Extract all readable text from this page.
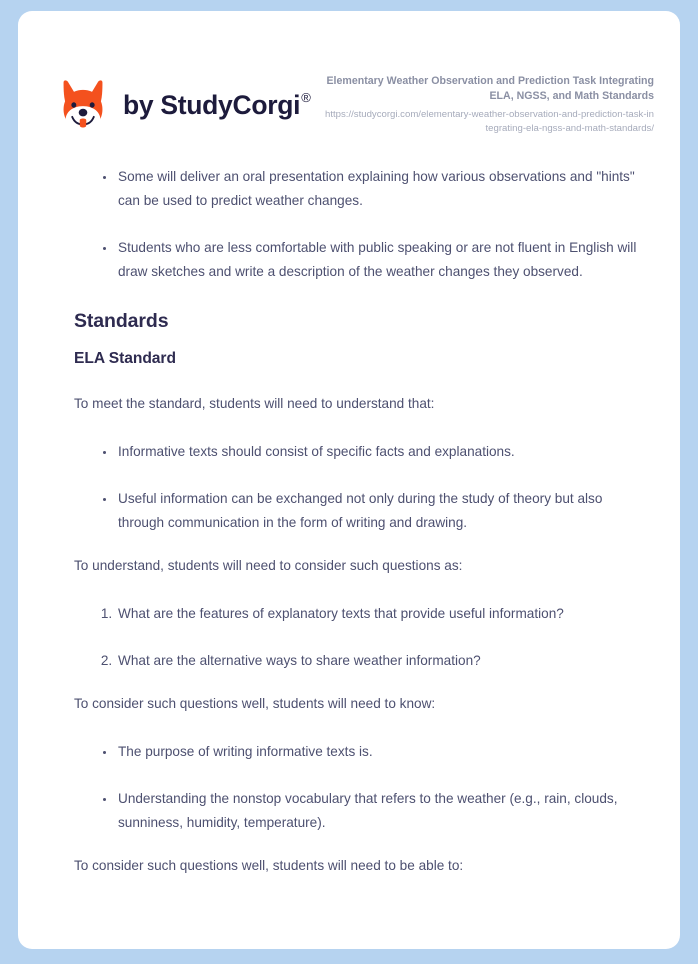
by StudyCorgi®
Elementary Weather Observation and Prediction Task Integrating ELA, NGSS, and Math Standards
https://studycorgi.com/elementary-weather-observation-and-prediction-task-integrating-ela-ngss-and-math-standards/
• Some will deliver an oral presentation explaining how various observations and "hints" can be used to predict weather changes.
• Students who are less comfortable with public speaking or are not fluent in English will draw sketches and write a description of the weather changes they observed.
Standards
ELA Standard

To meet the standard, students will need to understand that:

• Informative texts should consist of specific facts and explanations.
• Useful information can be exchanged not only during the study of theory but also through communication in the form of writing and drawing.

To understand, students will need to consider such questions as:

1. What are the features of explanatory texts that provide useful information?
2. What are the alternative ways to share weather information?

To consider such questions well, students will need to know:

• The purpose of writing informative texts is.
• Understanding the nonstop vocabulary that refers to the weather (e.g., rain, clouds, sunniness, humidity, temperature).

To consider such questions well, students will need to be able to:
